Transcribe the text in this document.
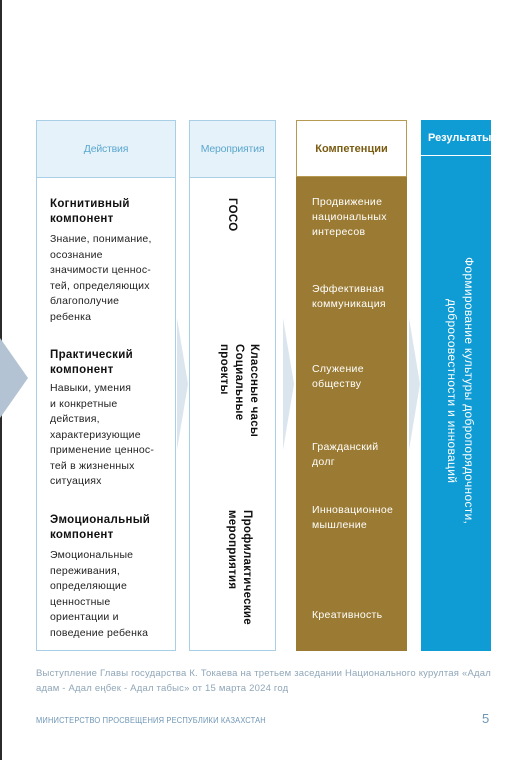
Действия
Когнитивный
компонент
Знание, понимание,
осознание
значимости ценнос-
тей, определяющих
благополучие
ребенка
Практический
компонент
Навыки, умения
и конкретные
действия,
характеризующие
применение ценнос-
тей в жизненных
ситуациях
Эмоциональный
компонент
Эмоциональные
переживания,
определяющие
ценностные
ориентации и
поведение ребенка
Мероприятия
ГОСО
Классные часы
Социальные
проекты
Профилактические
мероприятия
Компетенции
Продвижение
национальных
интересов
Эффективная
коммуникация
Служение
обществу
Гражданский
долг
Инновационное
мышление
Креативность
Результаты
Формирование культуры добропорядочности,
добросовестности и инноваций
Выступление Главы государства К. Токаева на третьем заседании Национального курултая «Адал адам - Адал еңбек - Адал табыс» от 15 марта 2024 год
МИНИСТЕРСТВО ПРОСВЕЩЕНИЯ РЕСПУБЛИКИ КАЗАХСТАН	5
